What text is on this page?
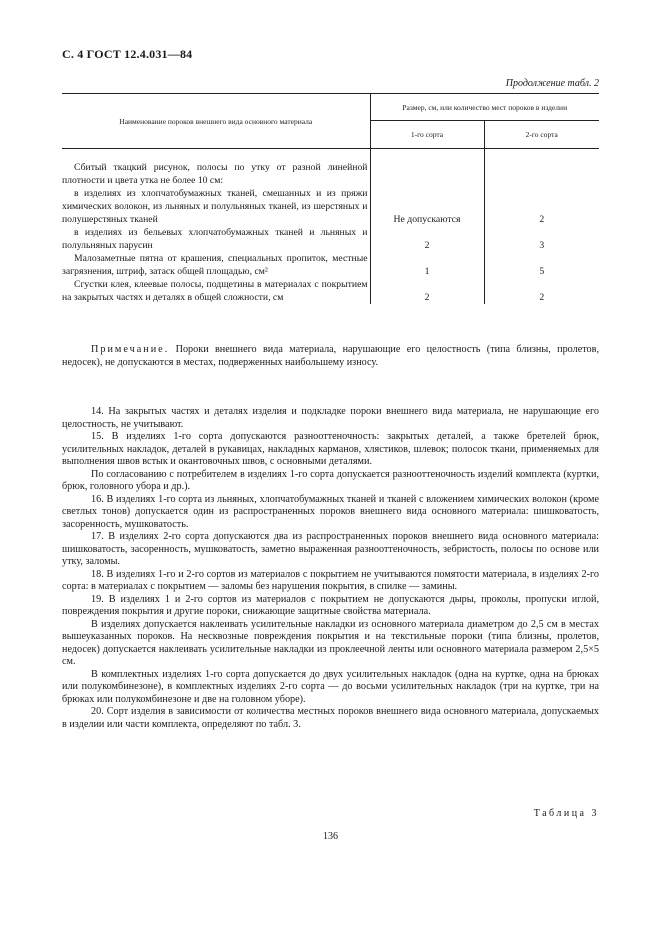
С. 4 ГОСТ 12.4.031—84
Продолжение табл. 2
Наименование пороков внешнего вида основного материала	Размер, см, или количество мест пороков в изделии	
	1-го сорта	2-го сорта

Сбитый ткацкий рисунок, полосы по утку от разной линейной плотности и цвета утка не более 10 см:		
в изделиях из хлопчатобумажных тканей, смешанных и из пряжи химических волокон, из льняных и полульняных тканей, из шерстяных и полушерстяных тканей	Не допускаются	2
в изделиях из бельевых хлопчатобумажных тканей и льняных и полульняных парусин	2	3
Малозаметные пятна от крашения, специальных пропиток, местные загрязнения, штриф, затаск общей площадью, см²	1	5
Сгустки клея, клеевые полосы, подщетины в материалах с покрытием на закрытых частях и деталях в общей сложности, см	2	2

Примечание. Пороки внешнего вида материала, нарушающие его целостность (типа близны, пролетов, недосек), не допускаются в местах, подверженных наибольшему износу.

14. На закрытых частях и деталях изделия и подкладке пороки внешнего вида материала, не нарушающие его целостность, не учитывают.

15. В изделиях 1-го сорта допускаются разнооттеночность: закрытых деталей, а также бретелей брюк, усилительных накладок, деталей в рукавицах, накладных карманов, хлястиков, шлевок; полосок ткани, применяемых для выполнения швов встык и окантовочных швов, с основными деталями.

По согласованию с потребителем в изделиях 1-го сорта допускается разнооттеночность изделий комплекта (куртки, брюк, головного убора и др.).

16. В изделиях 1-го сорта из льняных, хлопчатобумажных тканей и тканей с вложением химических волокон (кроме светлых тонов) допускается один из распространенных пороков внешнего вида основного материала: шишковатость, засоренность, мушковатость.

17. В изделиях 2-го сорта допускаются два из распространенных пороков внешнего вида основного материала: шишковатость, засоренность, мушковатость, заметно выраженная разнооттеночность, зебристость, полосы по основе или утку, заломы.

18. В изделиях 1-го и 2-го сортов из материалов с покрытием не учитываются помятости материала, в изделиях 2-го сорта: в материалах с покрытием — заломы без нарушения покрытия, в спилке — замины.

19. В изделиях 1 и 2-го сортов из материалов с покрытием не допускаются дыры, проколы, пропуски иглой, повреждения покрытия и другие пороки, снижающие защитные свойства материала.

В изделиях допускается наклеивать усилительные накладки из основного материала диаметром до 2,5 см в местах вышеуказанных пороков. На несквозные повреждения покрытия и на текстильные пороки (типа близны, пролетов, недосек) допускается наклеивать усилительные накладки из проклеечной ленты или основного материала размером 2,5×5 см.

В комплектных изделиях 1-го сорта допускается до двух усилительных накладок (одна на куртке, одна на брюках или полукомбинезоне), в комплектных изделиях 2-го сорта — до восьми усилительных накладок (три на куртке, три на брюках или полукомбинезоне и две на головном уборе).

20. Сорт изделия в зависимости от количества местных пороков внешнего вида основного материала, допускаемых в изделии или части комплекта, определяют по табл. 3.

Таблица 3
136
